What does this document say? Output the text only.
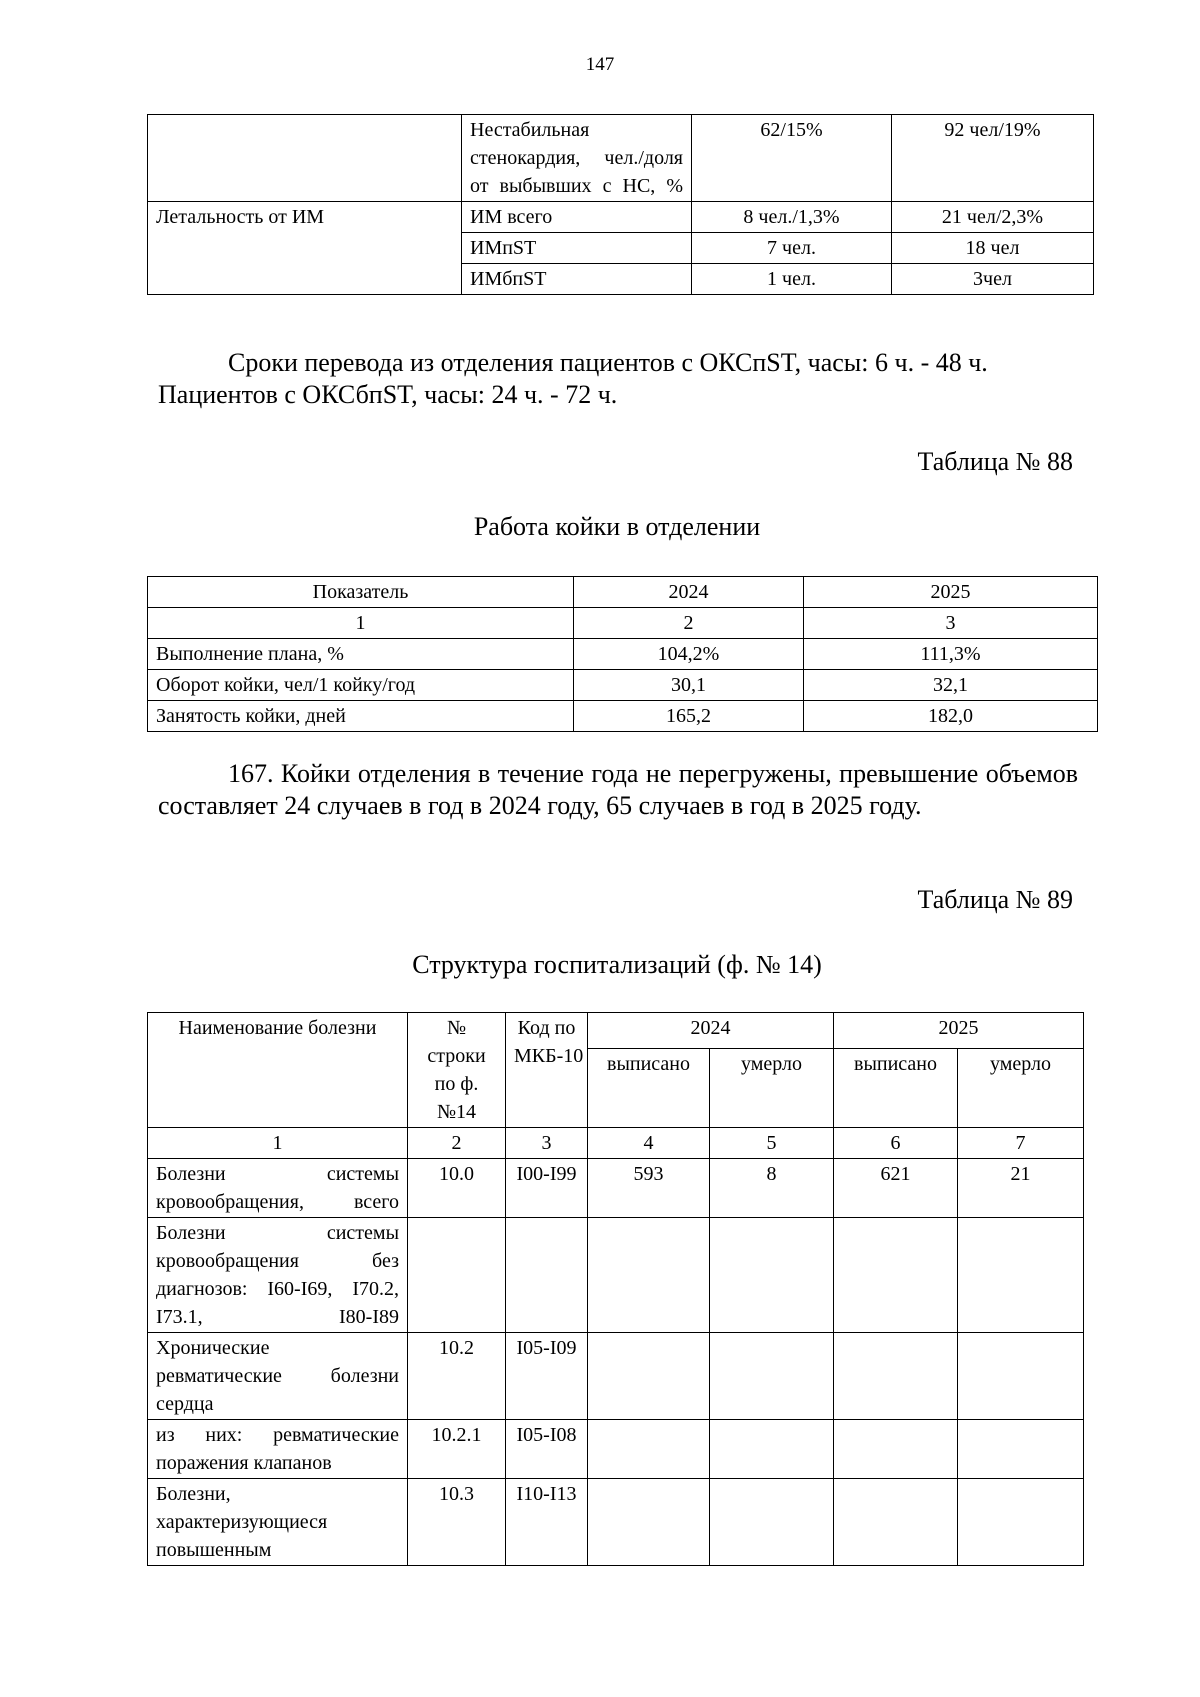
147
	Нестабильная стенокардия, чел./доля от выбывших с НС, %	62/15%	92 чел/19%
Летальность от ИМ	ИМ всего	8 чел./1,3%	21 чел/2,3%
	ИМпST	7 чел.	18 чел
	ИМбпST	1 чел.	3чел
Сроки перевода из отделения пациентов с ОКСпST, часы: 6 ч. - 48 ч. Пациентов с ОКСбпST, часы: 24 ч. - 72 ч.
Таблица № 88
Работа койки в отделении
Показатель	2024	2025
1	2	3
Выполнение плана, %	104,2%	111,3%
Оборот койки, чел/1 койку/год	30,1	32,1
Занятость койки, дней	165,2	182,0
167. Койки отделения в течение года не перегружены, превышение объемов составляет 24 случаев в год в 2024 году, 65 случаев в год в 2025 году.
Таблица № 89
Структура госпитализаций (ф. № 14)
Наименование болезни	№ строки по ф.№14	Код по МКБ-10	2024		2025	
			выписано	умерло	выписано	умерло
1	2	3	4	5	6	7
Болезни системы кровообращения, всего	10.0	I00-I99	593	8	621	21
Болезни системы кровообращения без диагнозов: I60-I69, I70.2, I73.1, I80-I89						
Хронические ревматические болезни сердца	10.2	I05-I09				
из них: ревматические поражения клапанов	10.2.1	I05-I08				
Болезни, характеризующиеся повышенным	10.3	I10-I13				
